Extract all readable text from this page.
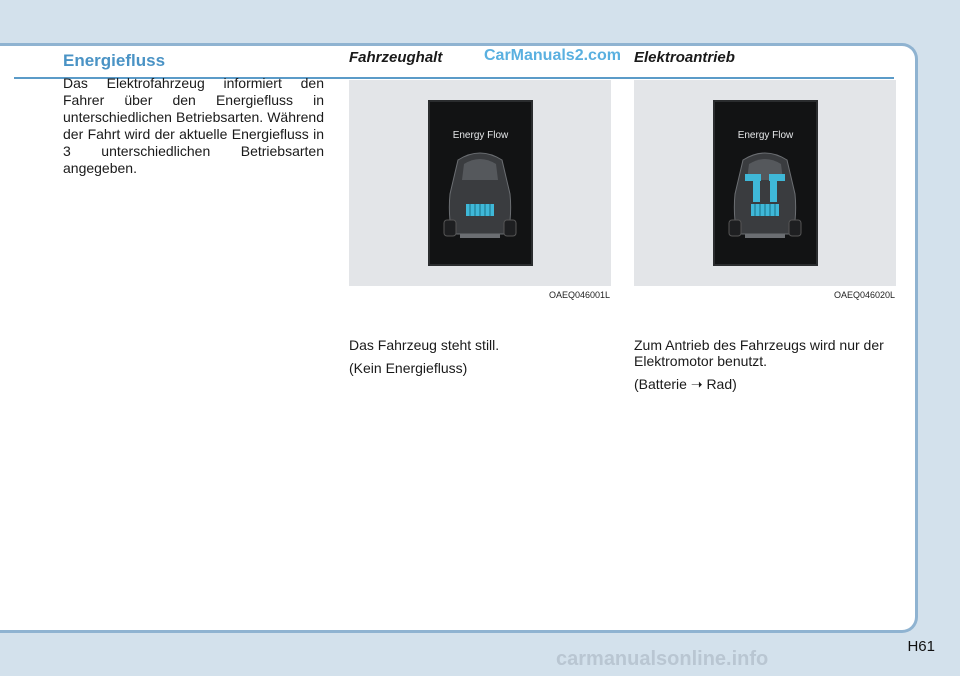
Energiefluss
Das Elektrofahrzeug informiert den Fahrer über den Energiefluss in unterschiedlichen Betriebsarten. Während der Fahrt wird der aktuelle Energiefluss in 3 unterschiedlichen Betriebsarten angegeben.
Fahrzeughalt	CarManuals2.com
Energy Flow
OAEQ046001L
Das Fahrzeug steht still.
(Kein Energiefluss)
Elektroantrieb
Energy Flow
OAEQ046020L
Zum Antrieb des Fahrzeugs wird nur der Elektromotor benutzt.
(Batterie ➝ Rad)
H61
carmanualsonline.info
